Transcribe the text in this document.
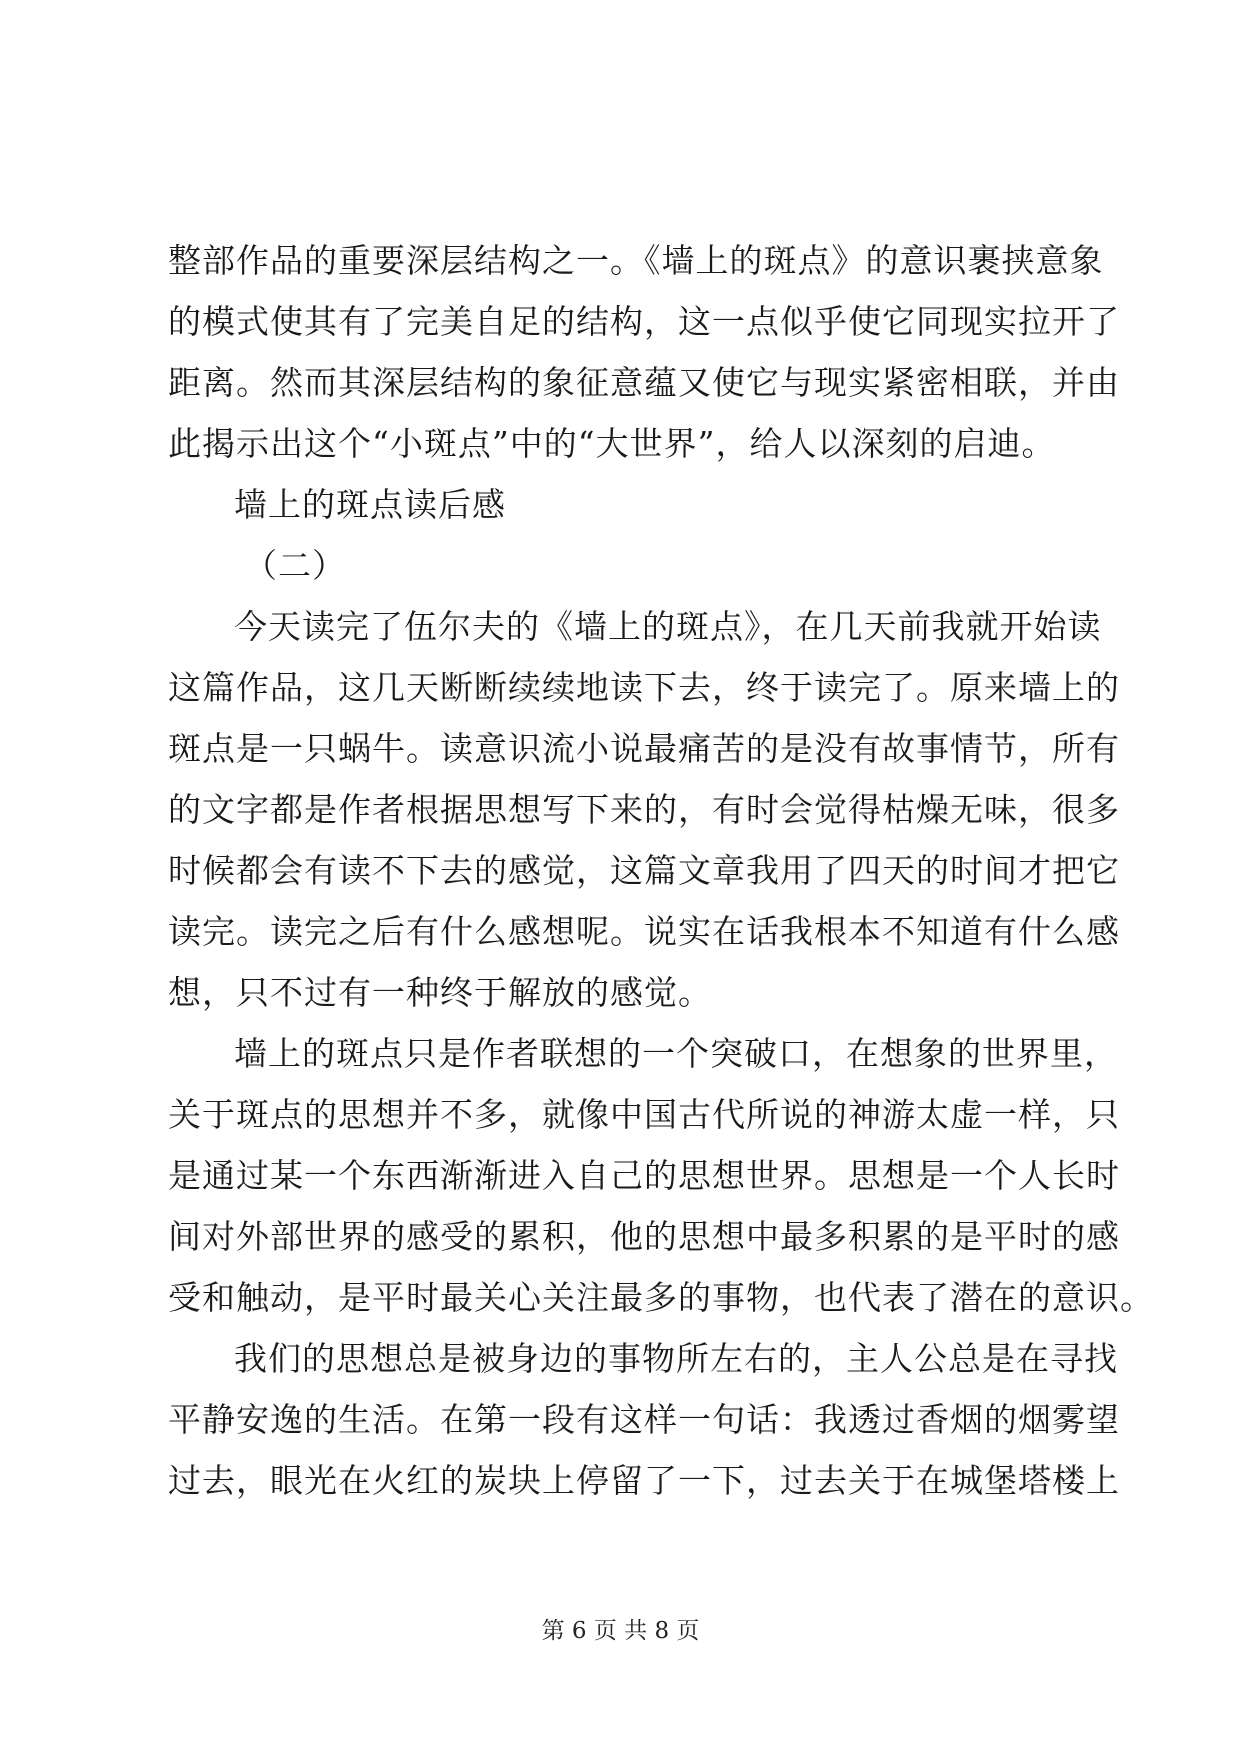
整部作品的重要深层结构之一。《墙上的斑点》的意识裹挟意象
的模式使其有了完美自足的结构，这一点似乎使它同现实拉开了
距离。然而其深层结构的象征意蕴又使它与现实紧密相联，并由
此揭示出这个“小斑点”中的“大世界”，给人以深刻的启迪。
墙上的斑点读后感
（二）
今天读完了伍尔夫的《墙上的斑点》，在几天前我就开始读
这篇作品，这几天断断续续地读下去，终于读完了。原来墙上的
斑点是一只蜗牛。读意识流小说最痛苦的是没有故事情节，所有
的文字都是作者根据思想写下来的，有时会觉得枯燥无味，很多
时候都会有读不下去的感觉，这篇文章我用了四天的时间才把它
读完。读完之后有什么感想呢。说实在话我根本不知道有什么感
想，只不过有一种终于解放的感觉。
墙上的斑点只是作者联想的一个突破口，在想象的世界里，
关于斑点的思想并不多，就像中国古代所说的神游太虚一样，只
是通过某一个东西渐渐进入自己的思想世界。思想是一个人长时
间对外部世界的感受的累积，他的思想中最多积累的是平时的感
受和触动，是平时最关心关注最多的事物，也代表了潜在的意识。
我们的思想总是被身边的事物所左右的，主人公总是在寻找
平静安逸的生活。在第一段有这样一句话：我透过香烟的烟雾望
过去，眼光在火红的炭块上停留了一下，过去关于在城堡塔楼上
第 6 页 共 8 页
